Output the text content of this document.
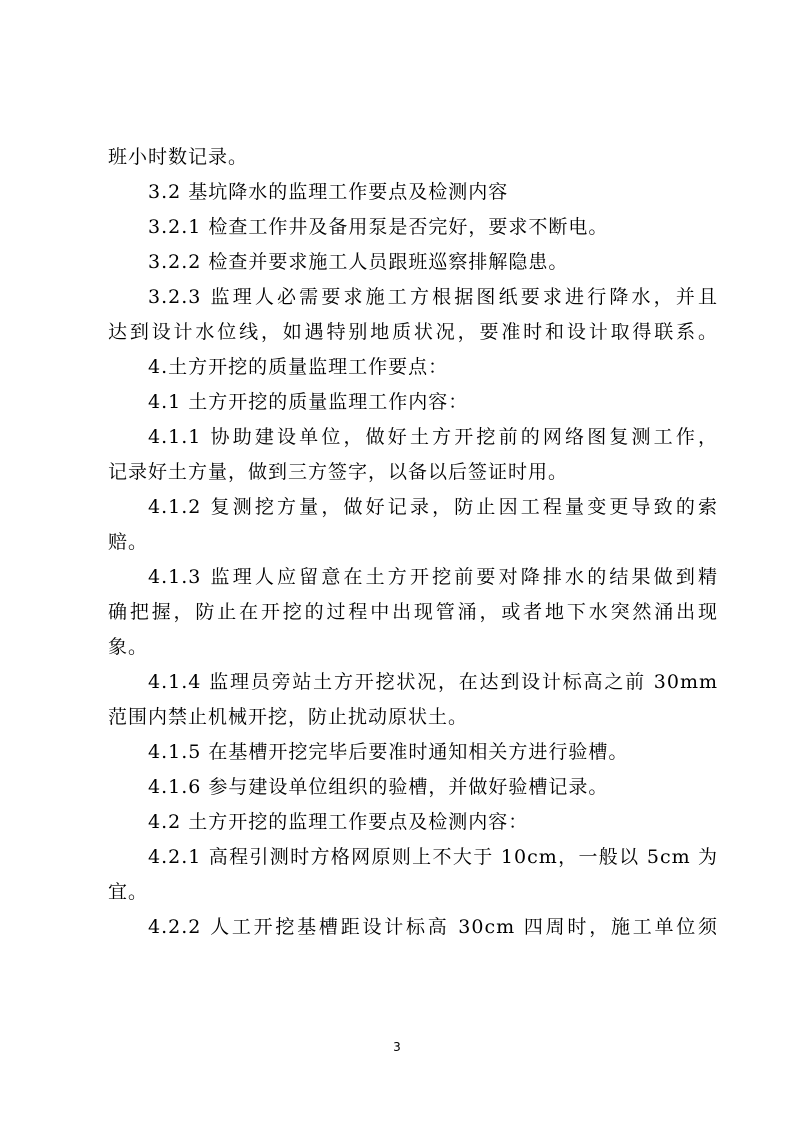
班小时数记录。
3.2 基坑降水的监理工作要点及检测内容
3.2.1 检查工作井及备用泵是否完好，要求不断电。
3.2.2 检查并要求施工人员跟班巡察排解隐患。
3.2.3 监理人必需要求施工方根据图纸要求进行降水，并且
达到设计水位线，如遇特别地质状况，要准时和设计取得联系。
4.土方开挖的质量监理工作要点：
4.1 土方开挖的质量监理工作内容：
4.1.1 协助建设单位，做好土方开挖前的网络图复测工作，
记录好土方量，做到三方签字，以备以后签证时用。
4.1.2 复测挖方量，做好记录，防止因工程量变更导致的索
赔。
4.1.3 监理人应留意在土方开挖前要对降排水的结果做到精
确把握，防止在开挖的过程中出现管涌，或者地下水突然涌出现
象。
4.1.4 监理员旁站土方开挖状况，在达到设计标高之前 30mm
范围内禁止机械开挖，防止扰动原状土。
4.1.5 在基槽开挖完毕后要准时通知相关方进行验槽。
4.1.6 参与建设单位组织的验槽，并做好验槽记录。
4.2 土方开挖的监理工作要点及检测内容：
4.2.1 高程引测时方格网原则上不大于 10cm，一般以 5cm 为
宜。
4.2.2 人工开挖基槽距设计标高 30cm 四周时，施工单位须
3
